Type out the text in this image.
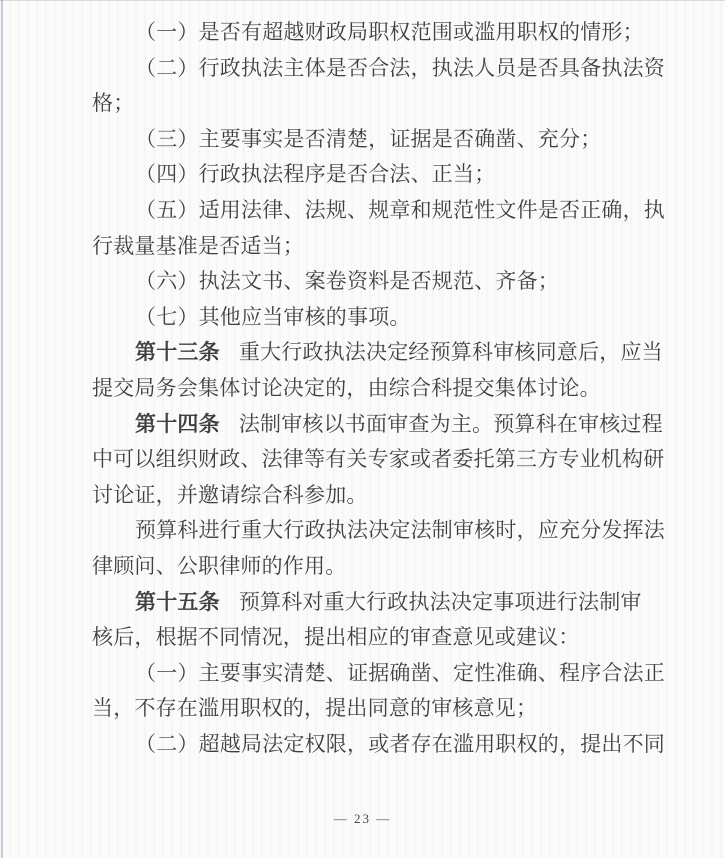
（一）是否有超越财政局职权范围或滥用职权的情形；
（二）行政执法主体是否合法，执法人员是否具备执法资
格；
（三）主要事实是否清楚，证据是否确凿、充分；
（四）行政执法程序是否合法、正当；
（五）适用法律、法规、规章和规范性文件是否正确，执
行裁量基准是否适当；
（六）执法文书、案卷资料是否规范、齐备；
（七）其他应当审核的事项。
第十三条 重大行政执法决定经预算科审核同意后，应当
提交局务会集体讨论决定的，由综合科提交集体讨论。
第十四条 法制审核以书面审查为主。预算科在审核过程
中可以组织财政、法律等有关专家或者委托第三方专业机构研
讨论证，并邀请综合科参加。
预算科进行重大行政执法决定法制审核时，应充分发挥法
律顾问、公职律师的作用。
第十五条 预算科对重大行政执法决定事项进行法制审
核后，根据不同情况，提出相应的审查意见或建议：
（一）主要事实清楚、证据确凿、定性准确、程序合法正
当，不存在滥用职权的，提出同意的审核意见；
（二）超越局法定权限，或者存在滥用职权的，提出不同
— 23 —
